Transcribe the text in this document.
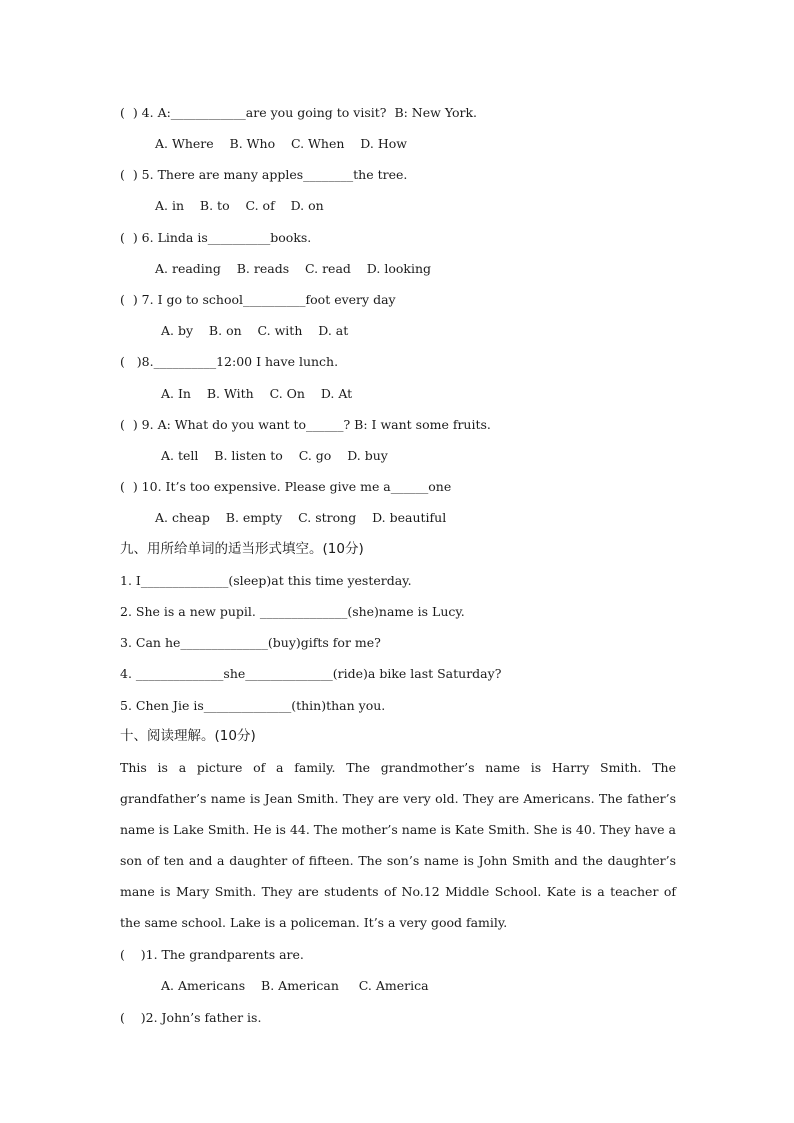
(  ) 4. A:____________are you going to visit?  B: New York.
A. Where    B. Who    C. When    D. How
(  ) 5. There are many apples________the tree.
A. in    B. to    C. of    D. on
(  ) 6. Linda is__________books.
A. reading    B. reads    C. read    D. looking
(  ) 7. I go to school__________foot every day
A. by    B. on    C. with    D. at
(   )8.__________12:00 I have lunch.
A. In    B. With    C. On    D. At
(  ) 9. A: What do you want to______? B: I want some fruits.
A. tell    B. listen to    C. go    D. buy
(  ) 10. It’s too expensive. Please give me a______one
A. cheap    B. empty    C. strong    D. beautiful
九、用所给单词的适当形式填空。(10分)
1. I______________(sleep)at this time yesterday.
2. She is a new pupil. ______________(she)name is Lucy.
3. Can he______________(buy)gifts for me?
4. ______________she______________(ride)a bike last Saturday?
5. Chen Jie is______________(thin)than you.
十、阅读理解。(10分)
This is a picture of a family. The grandmother’s name is Harry Smith. The grandfather’s name is Jean Smith. They are very old. They are Americans. The father’s name is Lake Smith. He is 44. The mother’s name is Kate Smith. She is 40. They have a son of ten and a daughter of fifteen. The son’s name is John Smith and the daughter’s mane is Mary Smith. They are students of No.12 Middle School. Kate is a teacher of the same school. Lake is a policeman. It’s a very good family.
(    )1. The grandparents are.
A. Americans    B. American     C. America
(    )2. John’s father is.
